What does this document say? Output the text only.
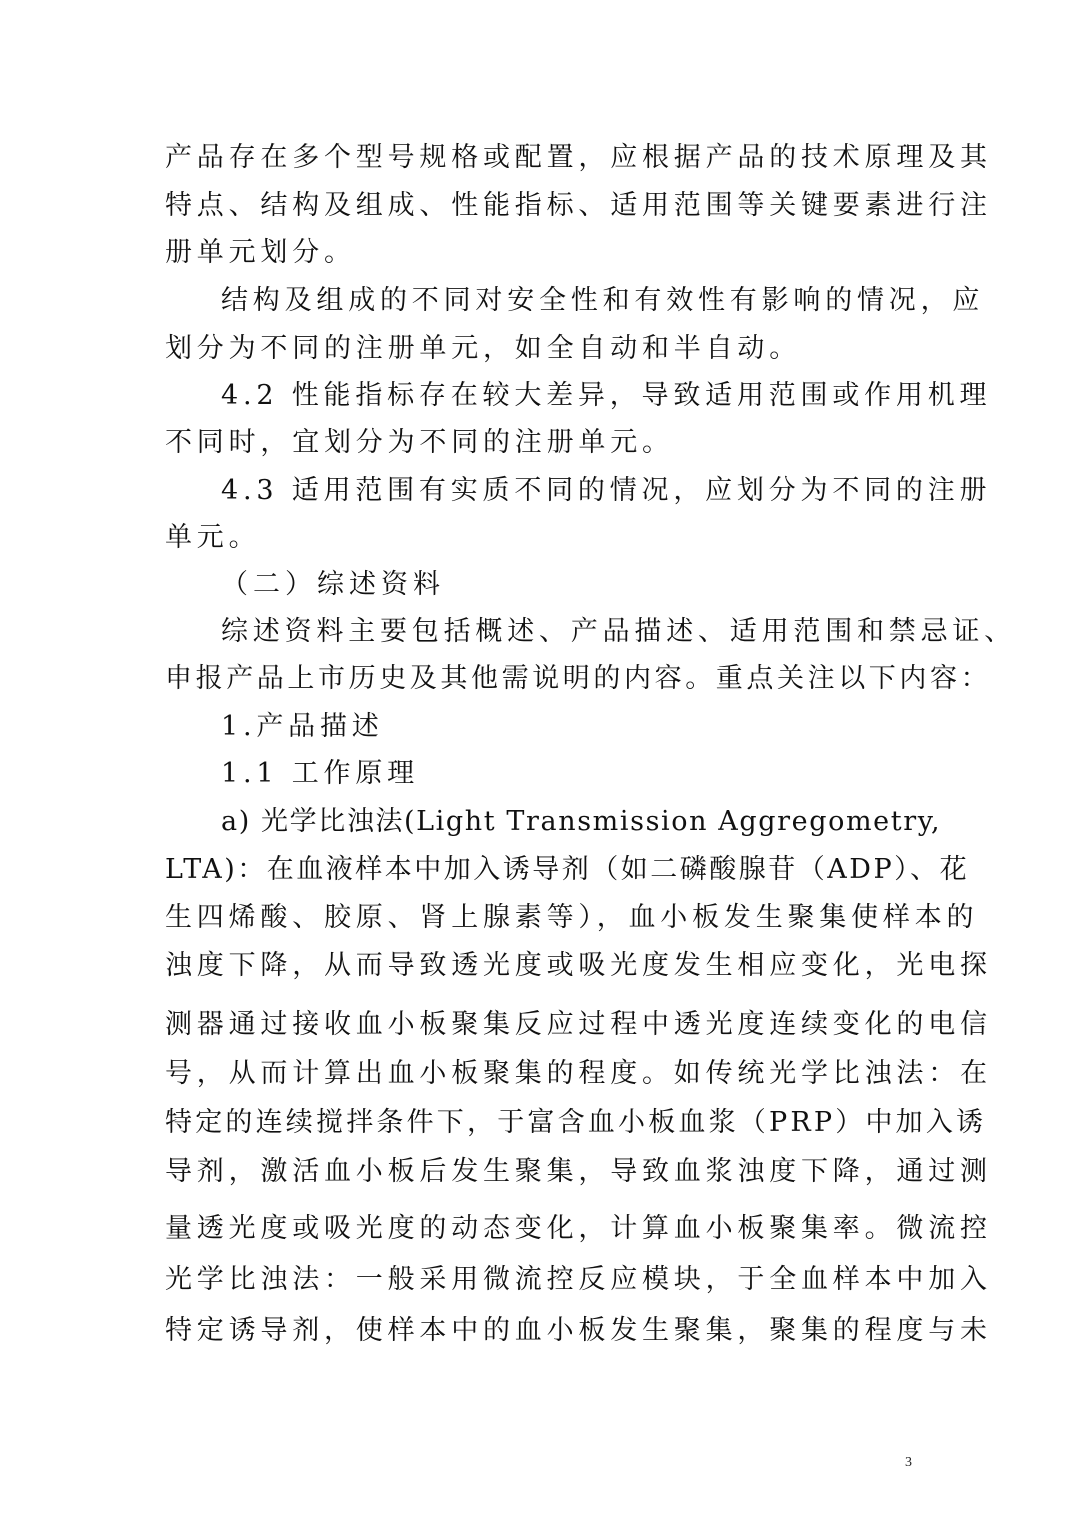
产品存在多个型号规格或配置，应根据产品的技术原理及其
特点、结构及组成、性能指标、适用范围等关键要素进行注
册单元划分。
结构及组成的不同对安全性和有效性有影响的情况，应
划分为不同的注册单元，如全自动和半自动。
4.2 性能指标存在较大差异，导致适用范围或作用机理
不同时，宜划分为不同的注册单元。
4.3 适用范围有实质不同的情况，应划分为不同的注册
单元。
（二）综述资料
综述资料主要包括概述、产品描述、适用范围和禁忌证、
申报产品上市历史及其他需说明的内容。重点关注以下内容：
1.产品描述
1.1 工作原理
a) 光学比浊法(Light Transmission Aggregometry,
LTA)：在血液样本中加入诱导剂（如二磷酸腺苷（ADP）、花
生四烯酸、胶原、肾上腺素等），血小板发生聚集使样本的
浊度下降，从而导致透光度或吸光度发生相应变化，光电探
测器通过接收血小板聚集反应过程中透光度连续变化的电信
号，从而计算出血小板聚集的程度。如传统光学比浊法：在
特定的连续搅拌条件下，于富含血小板血浆（PRP）中加入诱
导剂，激活血小板后发生聚集，导致血浆浊度下降，通过测
量透光度或吸光度的动态变化，计算血小板聚集率。微流控
光学比浊法：一般采用微流控反应模块，于全血样本中加入
特定诱导剂，使样本中的血小板发生聚集，聚集的程度与未
3
